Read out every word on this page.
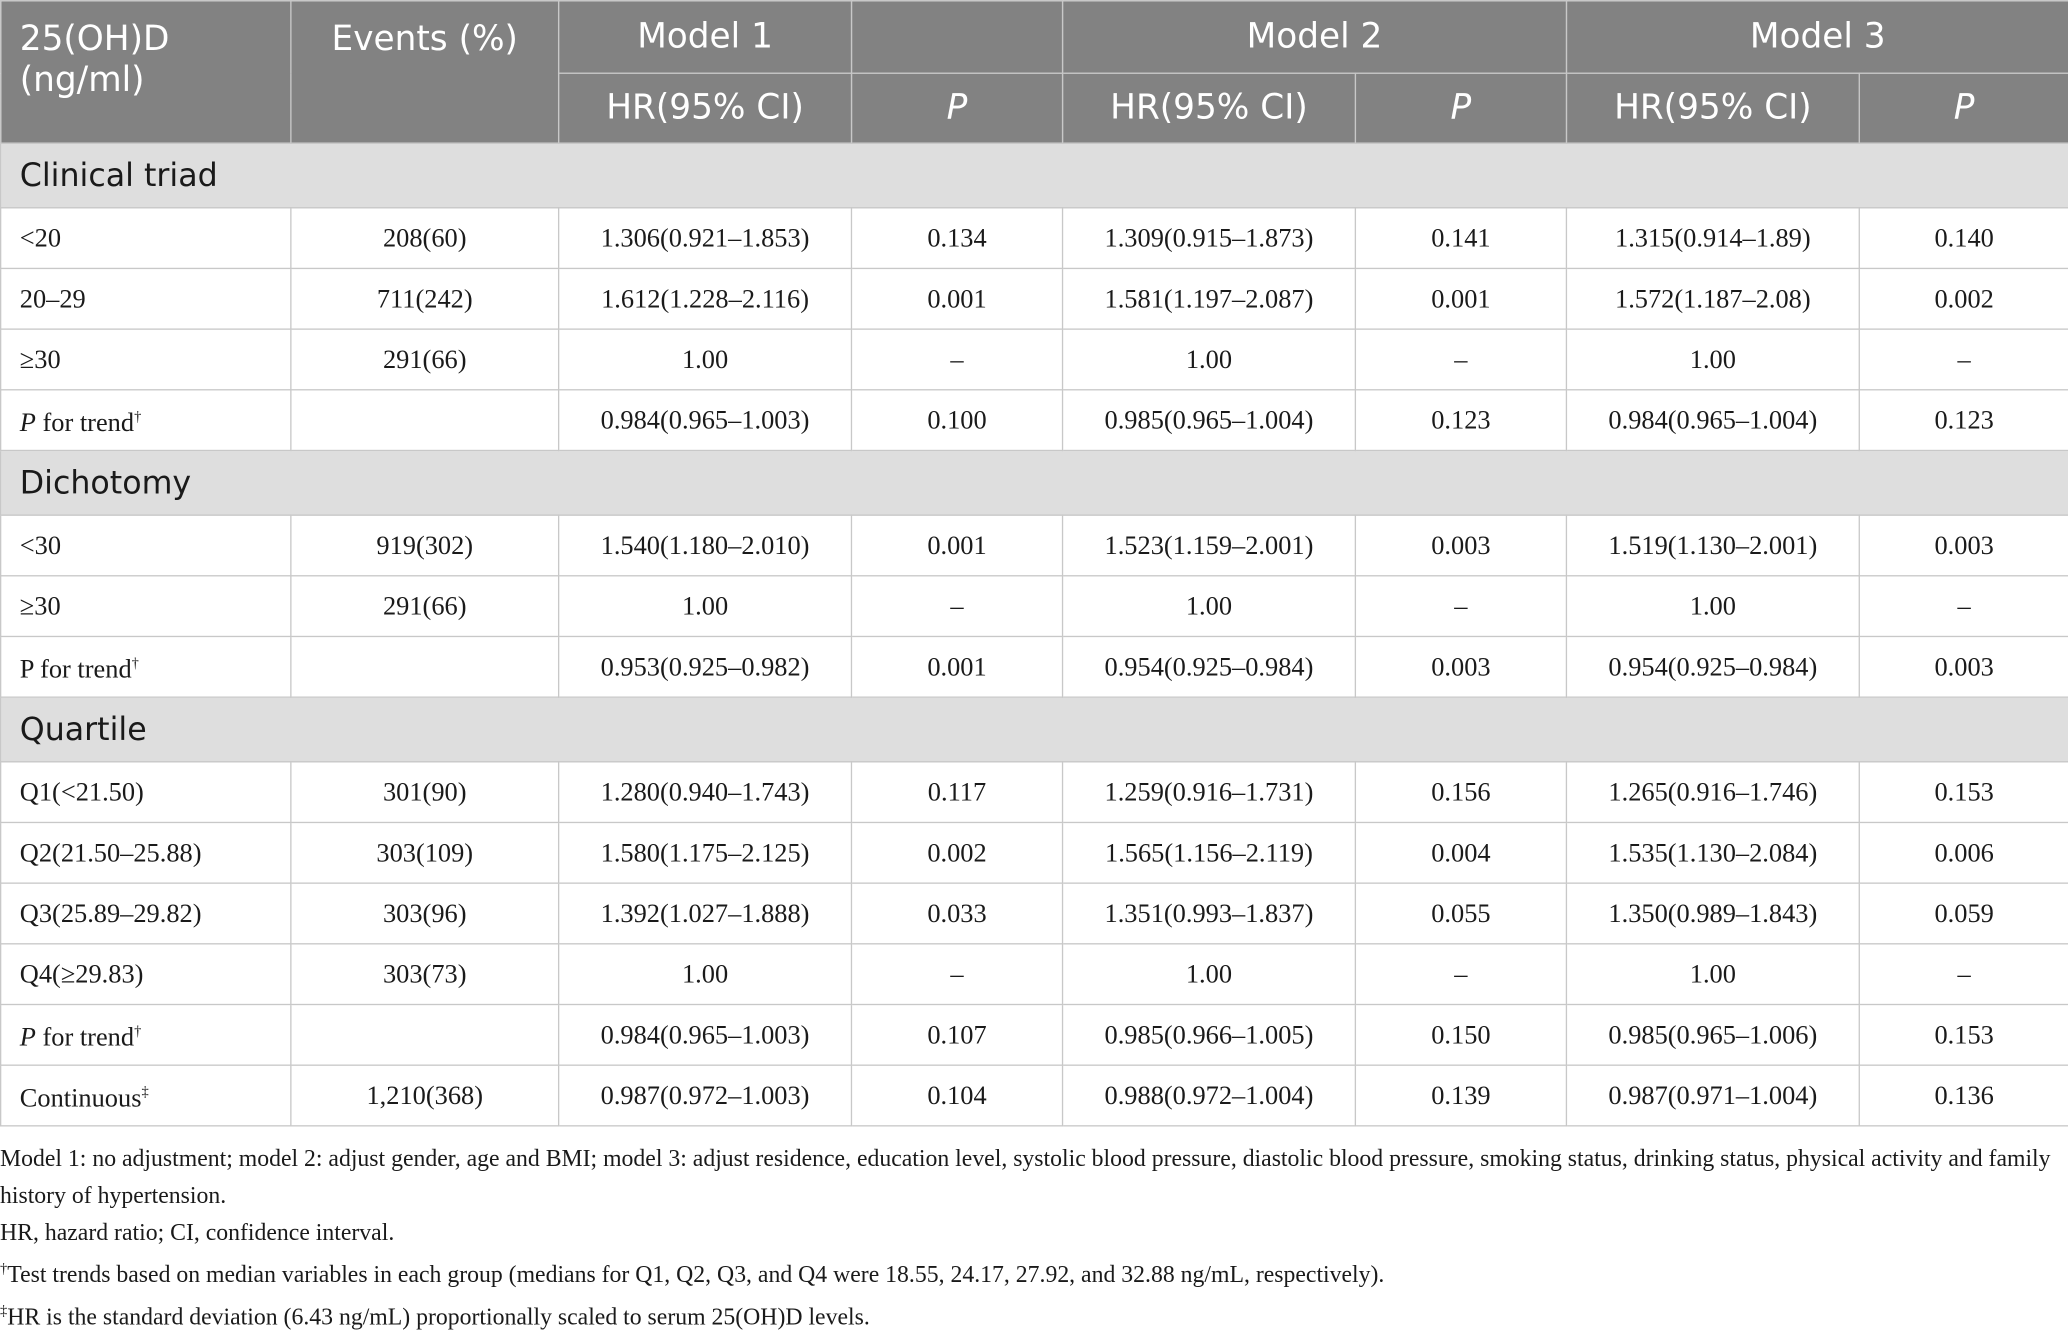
25(OH)D (ng/ml)	Events (%)	Model 1		Model 2		Model 3	
		HR(95% CI)	P	HR(95% CI)	P	HR(95% CI)	P
Clinical triad							
<20	208(60)	1.306(0.921–1.853)	0.134	1.309(0.915–1.873)	0.141	1.315(0.914–1.89)	0.140
20–29	711(242)	1.612(1.228–2.116)	0.001	1.581(1.197–2.087)	0.001	1.572(1.187–2.08)	0.002
≥30	291(66)	1.00	–	1.00	–	1.00	–
P for trend†		0.984(0.965–1.003)	0.100	0.985(0.965–1.004)	0.123	0.984(0.965–1.004)	0.123
Dichotomy							
<30	919(302)	1.540(1.180–2.010)	0.001	1.523(1.159–2.001)	0.003	1.519(1.130–2.001)	0.003
≥30	291(66)	1.00	–	1.00	–	1.00	–
P for trend†		0.953(0.925–0.982)	0.001	0.954(0.925–0.984)	0.003	0.954(0.925–0.984)	0.003
Quartile							
Q1(<21.50)	301(90)	1.280(0.940–1.743)	0.117	1.259(0.916–1.731)	0.156	1.265(0.916–1.746)	0.153
Q2(21.50–25.88)	303(109)	1.580(1.175–2.125)	0.002	1.565(1.156–2.119)	0.004	1.535(1.130–2.084)	0.006
Q3(25.89–29.82)	303(96)	1.392(1.027–1.888)	0.033	1.351(0.993–1.837)	0.055	1.350(0.989–1.843)	0.059
Q4(≥29.83)	303(73)	1.00	–	1.00	–	1.00	–
P for trend†		0.984(0.965–1.003)	0.107	0.985(0.966–1.005)	0.150	0.985(0.965–1.006)	0.153
Continuous‡	1,210(368)	0.987(0.972–1.003)	0.104	0.988(0.972–1.004)	0.139	0.987(0.971–1.004)	0.136

Model 1: no adjustment; model 2: adjust gender, age and BMI; model 3: adjust residence, education level, systolic blood pressure, diastolic blood pressure, smoking status, drinking status, physical activity and family history of hypertension.

HR, hazard ratio; CI, confidence interval.

†Test trends based on median variables in each group (medians for Q1, Q2, Q3, and Q4 were 18.55, 24.17, 27.92, and 32.88 ng/mL, respectively).

‡HR is the standard deviation (6.43 ng/mL) proportionally scaled to serum 25(OH)D levels.
